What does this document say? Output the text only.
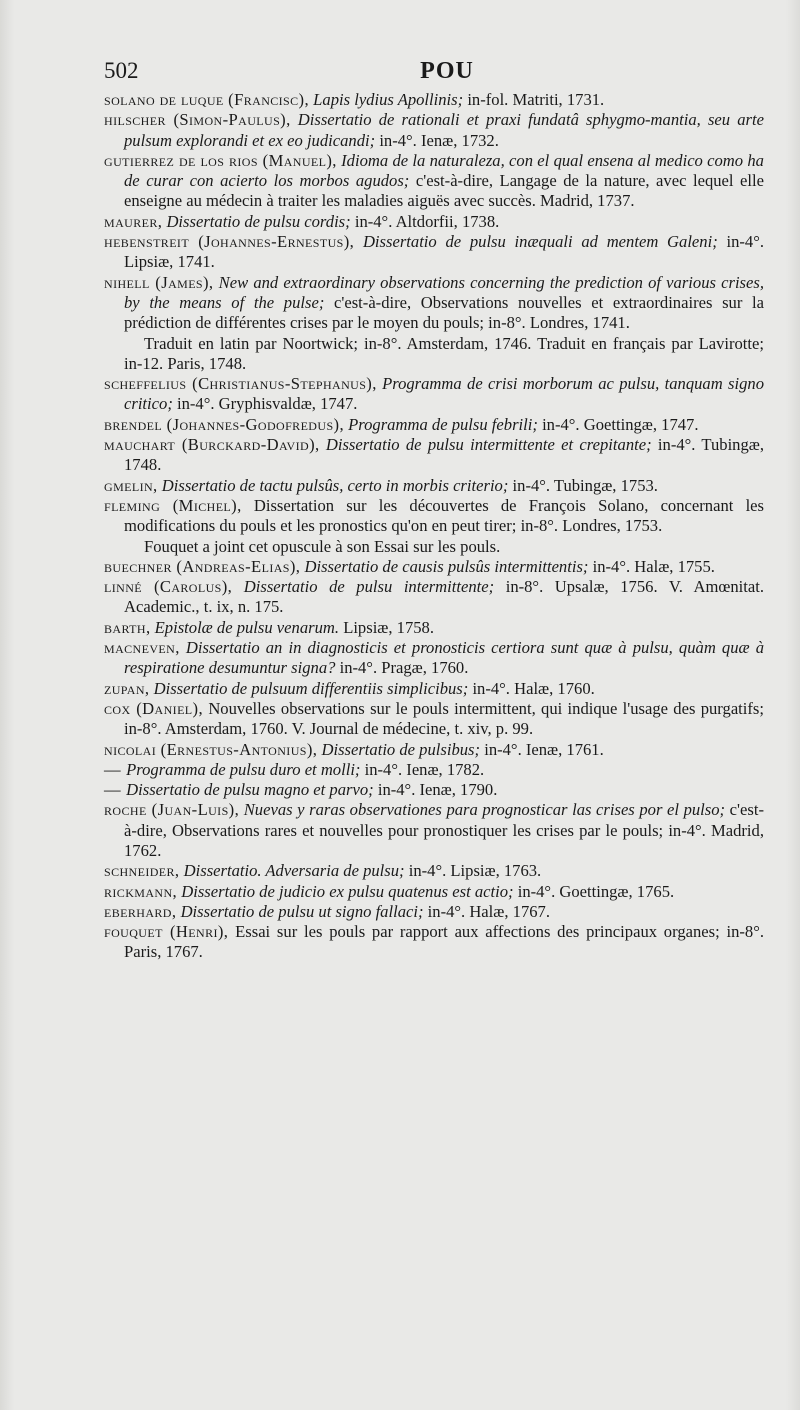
502	POU
solano de luque (Francisc), Lapis lydius Apollinis; in-fol. Matriti, 1731.
hilscher (Simon-Paulus), Dissertatio de rationali et praxi fundatâ sphygmo-mantia, seu arte pulsum explorandi et ex eo judicandi; in-4°. Ienæ, 1732.
gutierrez de los rios (Manuel), Idioma de la naturaleza, con el qual ensena al medico como ha de curar con acierto los morbos agudos; c'est-à-dire, Langage de la nature, avec lequel elle enseigne au médecin à traiter les maladies aiguës avec succès. Madrid, 1737.
maurer, Dissertatio de pulsu cordis; in-4°. Altdorfii, 1738.
hebenstreit (Johannes-Ernestus), Dissertatio de pulsu inæquali ad mentem Galeni; in-4°. Lipsiæ, 1741.
nihell (James), New and extraordinary observations concerning the prediction of various crises, by the means of the pulse; c'est-à-dire, Observations nouvelles et extraordinaires sur la prédiction de différentes crises par le moyen du pouls; in-8°. Londres, 1741.
Traduit en latin par Noortwick; in-8°. Amsterdam, 1746. Traduit en français par Lavirotte; in-12. Paris, 1748.
scheffelius (Christianus-Stephanus), Programma de crisi morborum ac pulsu, tanquam signo critico; in-4°. Gryphisvaldæ, 1747.
brendel (Johannes-Godofredus), Programma de pulsu febrili; in-4°. Goettingæ, 1747.
mauchart (Burckard-David), Dissertatio de pulsu intermittente et crepitante; in-4°. Tubingæ, 1748.
gmelin, Dissertatio de tactu pulsûs, certo in morbis criterio; in-4°. Tubingæ, 1753.
fleming (Michel), Dissertation sur les découvertes de François Solano, concernant les modifications du pouls et les pronostics qu'on en peut tirer; in-8°. Londres, 1753.
Fouquet a joint cet opuscule à son Essai sur les pouls.
buechner (Andreas-Elias), Dissertatio de causis pulsûs intermittentis; in-4°. Halæ, 1755.
linné (Carolus), Dissertatio de pulsu intermittente; in-8°. Upsalæ, 1756. V. Amœnitat. Academic., t. ix, n. 175.
barth, Epistolæ de pulsu venarum. Lipsiæ, 1758.
macneven, Dissertatio an in diagnosticis et pronosticis certiora sunt quæ à pulsu, quàm quæ à respiratione desumuntur signa? in-4°. Pragæ, 1760.
zupan, Dissertatio de pulsuum differentiis simplicibus; in-4°. Halæ, 1760.
cox (Daniel), Nouvelles observations sur le pouls intermittent, qui indique l'usage des purgatifs; in-8°. Amsterdam, 1760. V. Journal de médecine, t. xiv, p. 99.
nicolai (Ernestus-Antonius), Dissertatio de pulsibus; in-4°. Ienæ, 1761.
— Programma de pulsu duro et molli; in-4°. Ienæ, 1782.
— Dissertatio de pulsu magno et parvo; in-4°. Ienæ, 1790.
roche (Juan-Luis), Nuevas y raras observationes para prognosticar las crises por el pulso; c'est-à-dire, Observations rares et nouvelles pour pronostiquer les crises par le pouls; in-4°. Madrid, 1762.
schneider, Dissertatio. Adversaria de pulsu; in-4°. Lipsiæ, 1763.
rickmann, Dissertatio de judicio ex pulsu quatenus est actio; in-4°. Goettingæ, 1765.
eberhard, Dissertatio de pulsu ut signo fallaci; in-4°. Halæ, 1767.
fouquet (Henri), Essai sur les pouls par rapport aux affections des principaux organes; in-8°. Paris, 1767.
